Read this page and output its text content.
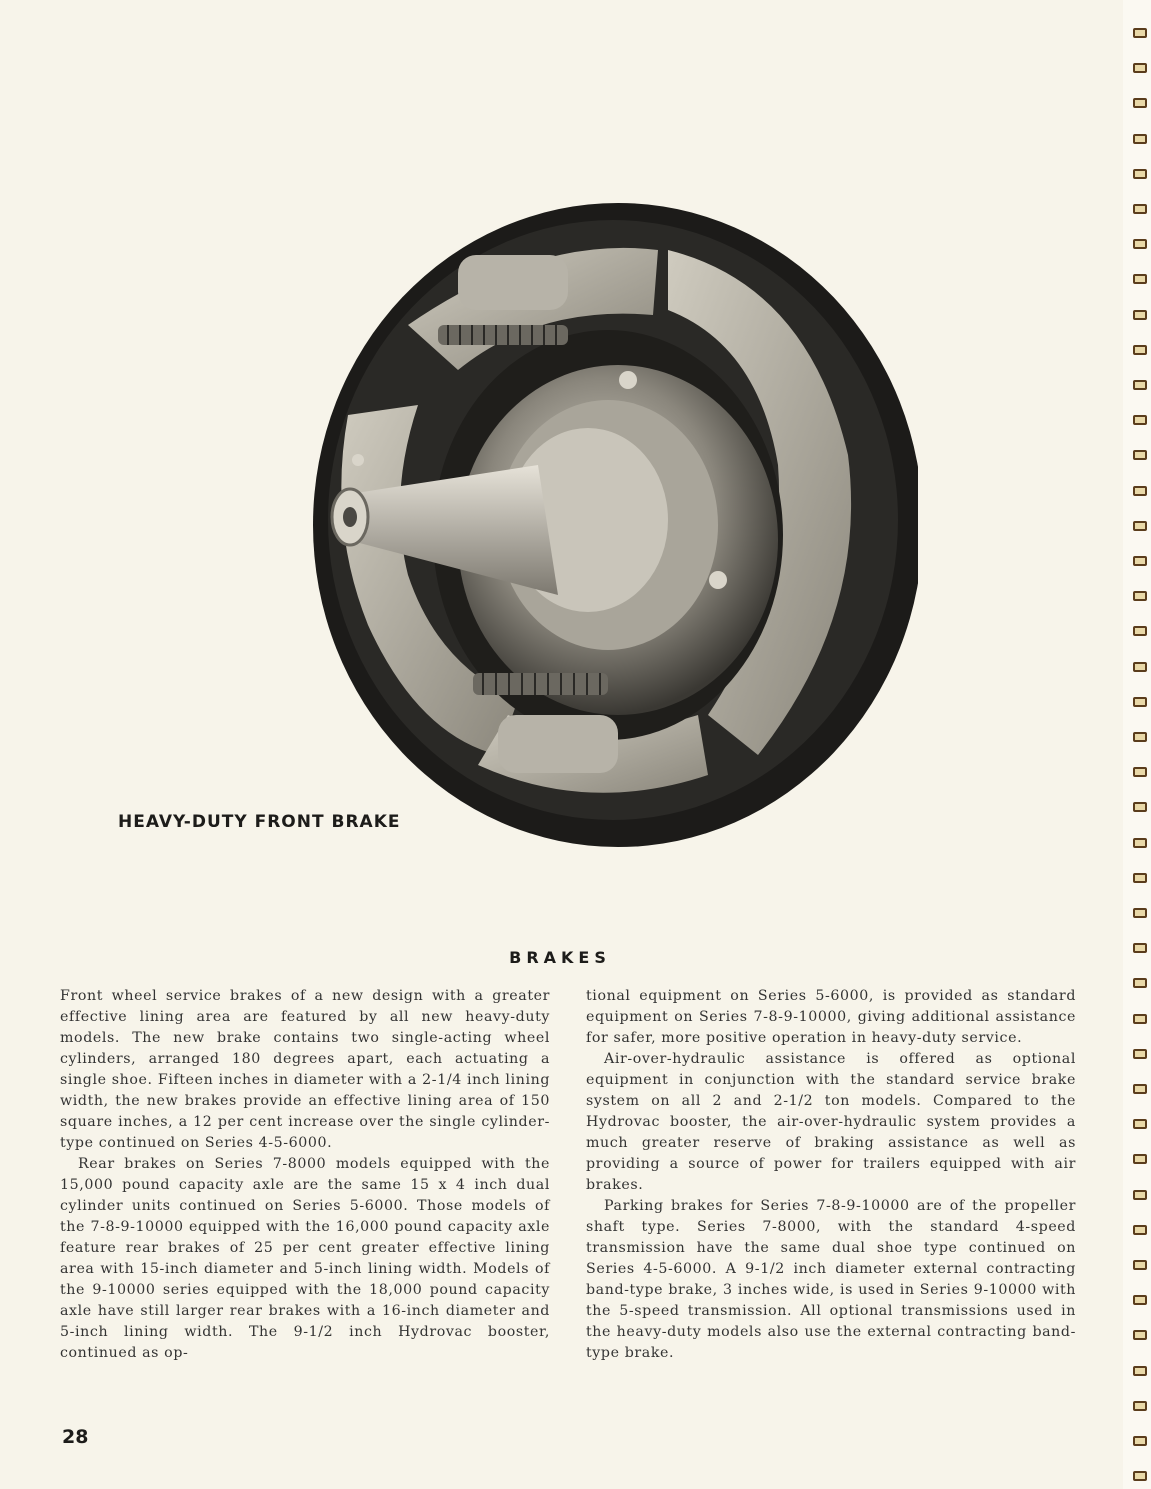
HEAVY-DUTY FRONT BRAKE
BRAKES

Front wheel service brakes of a new design with a greater effective lining area are featured by all new heavy-duty models. The new brake contains two single-acting wheel cylinders, arranged 180 degrees apart, each actuating a single shoe. Fifteen inches in diameter with a 2-1/4 inch lining width, the new brakes provide an effective lining area of 150 square inches, a 12 per cent increase over the single cylinder-type continued on Series 4-5-6000.

Rear brakes on Series 7-8000 models equipped with the 15,000 pound capacity axle are the same 15 x 4 inch dual cylinder units continued on Series 5-6000. Those models of the 7-8-9-10000 equipped with the 16,000 pound capacity axle feature rear brakes of 25 per cent greater effective lining area with 15-inch diameter and 5-inch lining width. Models of the 9-10000 series equipped with the 18,000 pound capacity axle have still larger rear brakes with a 16-inch diameter and 5-inch lining width. The 9-1/2 inch Hydrovac booster, continued as op-

tional equipment on Series 5-6000, is provided as standard equipment on Series 7-8-9-10000, giving additional assistance for safer, more positive operation in heavy-duty service.

Air-over-hydraulic assistance is offered as optional equipment in conjunction with the standard service brake system on all 2 and 2-1/2 ton models. Compared to the Hydrovac booster, the air-over-hydraulic system provides a much greater reserve of braking assistance as well as providing a source of power for trailers equipped with air brakes.

Parking brakes for Series 7-8-9-10000 are of the propeller shaft type. Series 7-8000, with the standard 4-speed transmission have the same dual shoe type continued on Series 4-5-6000. A 9-1/2 inch diameter external contracting band-type brake, 3 inches wide, is used in Series 9-10000 with the 5-speed transmission. All optional transmissions used in the heavy-duty models also use the external contracting band-type brake.

28
